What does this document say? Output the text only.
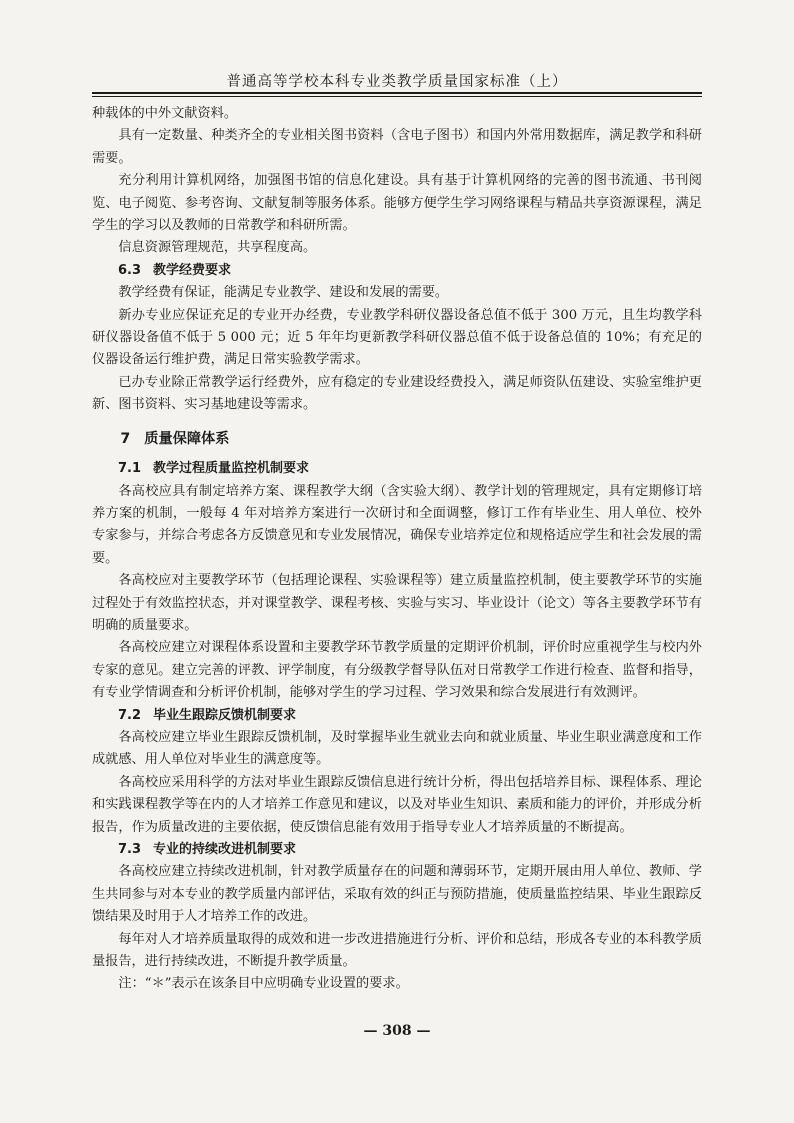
普通高等学校本科专业类教学质量国家标准（上）

种载体的中外文献资料。

具有一定数量、种类齐全的专业相关图书资料（含电子图书）和国内外常用数据库，满足教学和科研需要。

充分利用计算机网络，加强图书馆的信息化建设。具有基于计算机网络的完善的图书流通、书刊阅览、电子阅览、参考咨询、文献复制等服务体系。能够方便学生学习网络课程与精品共享资源课程，满足学生的学习以及教师的日常教学和科研所需。

信息资源管理规范，共享程度高。

6.3 教学经费要求

教学经费有保证，能满足专业教学、建设和发展的需要。

新办专业应保证充足的专业开办经费，专业教学科研仪器设备总值不低于 300 万元，且生均教学科研仪器设备值不低于 5 000 元；近 5 年年均更新教学科研仪器总值不低于设备总值的 10%；有充足的仪器设备运行维护费，满足日常实验教学需求。

已办专业除正常教学运行经费外，应有稳定的专业建设经费投入，满足师资队伍建设、实验室维护更新、图书资料、实习基地建设等需求。

7 质量保障体系
7.1 教学过程质量监控机制要求

各高校应具有制定培养方案、课程教学大纲（含实验大纲）、教学计划的管理规定，具有定期修订培养方案的机制，一般每 4 年对培养方案进行一次研讨和全面调整，修订工作有毕业生、用人单位、校外专家参与，并综合考虑各方反馈意见和专业发展情况，确保专业培养定位和规格适应学生和社会发展的需要。

各高校应对主要教学环节（包括理论课程、实验课程等）建立质量监控机制，使主要教学环节的实施过程处于有效监控状态，并对课堂教学、课程考核、实验与实习、毕业设计（论文）等各主要教学环节有明确的质量要求。

各高校应建立对课程体系设置和主要教学环节教学质量的定期评价机制，评价时应重视学生与校内外专家的意见。建立完善的评教、评学制度，有分级教学督导队伍对日常教学工作进行检查、监督和指导，有专业学情调查和分析评价机制，能够对学生的学习过程、学习效果和综合发展进行有效测评。

7.2 毕业生跟踪反馈机制要求

各高校应建立毕业生跟踪反馈机制，及时掌握毕业生就业去向和就业质量、毕业生职业满意度和工作成就感、用人单位对毕业生的满意度等。

各高校应采用科学的方法对毕业生跟踪反馈信息进行统计分析，得出包括培养目标、课程体系、理论和实践课程教学等在内的人才培养工作意见和建议，以及对毕业生知识、素质和能力的评价，并形成分析报告，作为质量改进的主要依据，使反馈信息能有效用于指导专业人才培养质量的不断提高。

7.3 专业的持续改进机制要求

各高校应建立持续改进机制，针对教学质量存在的问题和薄弱环节，定期开展由用人单位、教师、学生共同参与对本专业的教学质量内部评估，采取有效的纠正与预防措施，使质量监控结果、毕业生跟踪反馈结果及时用于人才培养工作的改进。

每年对人才培养质量取得的成效和进一步改进措施进行分析、评价和总结，形成各专业的本科教学质量报告，进行持续改进，不断提升教学质量。

注：“＊”表示在该条目中应明确专业设置的要求。

— 308 —
